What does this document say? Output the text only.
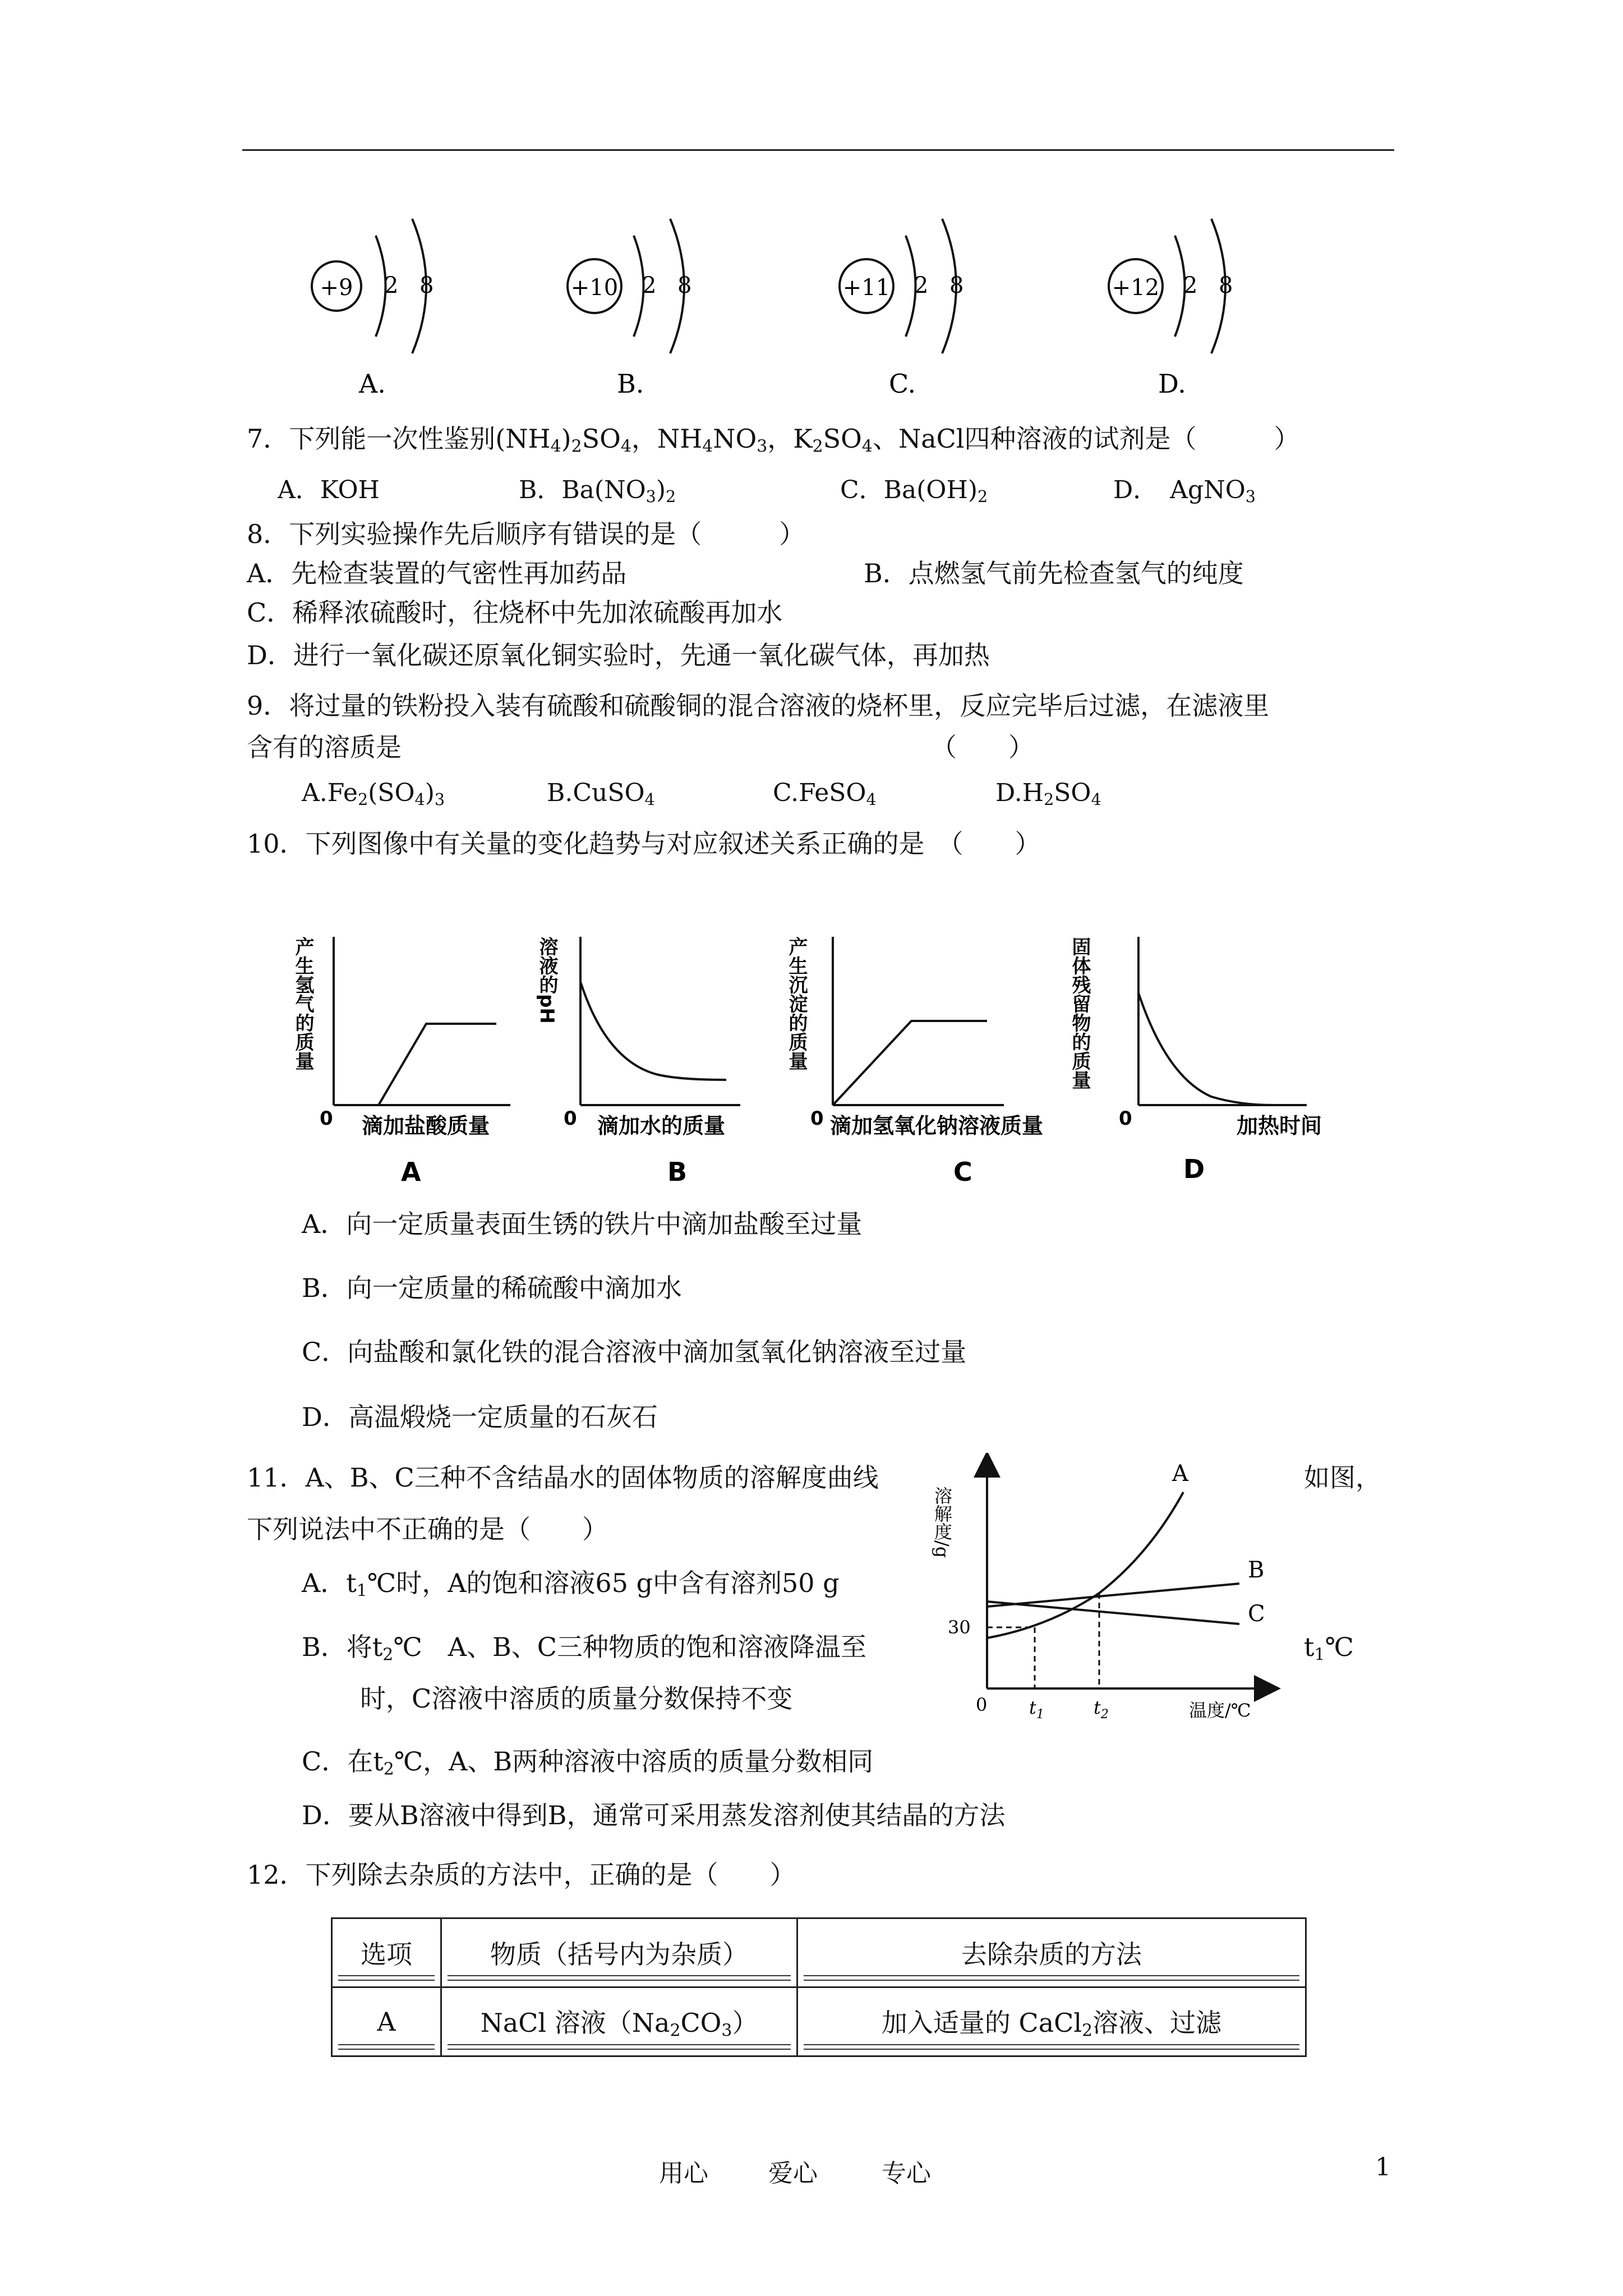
+9 2 8
A.
+10 2 8
B.
+11 2 8
C.
+12 2 8
D.
7．下列能一次性鉴别$(NH_4)_2SO_4$，$NH_4NO_3$，$K_2SO_4$、NaCl四种溶液的试剂是（　　　）
A．KOH	B．$Ba(NO_3)_2$	C．$Ba(OH)_2$	D．　AgNO$_3$
8．下列实验操作先后顺序有错误的是（　　　）
A．先检查装置的气密性再加药品	B．点燃氢气前先检查氢气的纯度
C．稀释浓硫酸时，往烧杯中先加浓硫酸再加水
D．进行一氧化碳还原氧化铜实验时，先通一氧化碳气体，再加热
9．将过量的铁粉投入装有硫酸和硫酸铜的混合溶液的烧杯里，反应完毕后过滤，在滤液里
含有的溶质是	（　　）
$A.Fe_2(SO_4)_3$	B.CuSO$_4$	C.FeSO$_4$	$D.H_2SO_4$
10．下列图像中有关量的变化趋势与对应叙述关系正确的是　（　　）
产生氢气的质量
0 滴加盐酸质量
A
溶液的pH
0 滴加水的质量
B
产生沉淀的质量
0 滴加氢氧化钠溶液质量
C
固体残留物的质量
0	加热时间
D
A．向一定质量表面生锈的铁片中滴加盐酸至过量
B．向一定质量的稀硫酸中滴加水
C．向盐酸和氯化铁的混合溶液中滴加氢氧化钠溶液至过量
D．高温煅烧一定质量的石灰石
11．A、B、C三种不含结晶水的固体物质的溶解度曲线	如图，
下列说法中不正确的是（　　）
A．$t_1℃$时，A的饱和溶液65 g中含有溶剂50 g
B．将$t_2℃$　A、B、C三种物质的饱和溶液降温至	$t_1℃$
时，C溶液中溶质的质量分数保持不变
C．在$t_2℃$，A、B两种溶液中溶质的质量分数相同
D．要从B溶液中得到B，通常可采用蒸发溶剂使其结晶的方法
溶解度/g
温度/℃
0
30
$t_1$	$t_2$
A
B
C
12．下列除去杂质的方法中，正确的是（　　）
选项	物质（括号内为杂质）	去除杂质的方法

A	NaCl 溶液$(Na_2CO_3)$	加入适量的 CaCl$_2$溶液、过滤
用心 爱心	专心	1
